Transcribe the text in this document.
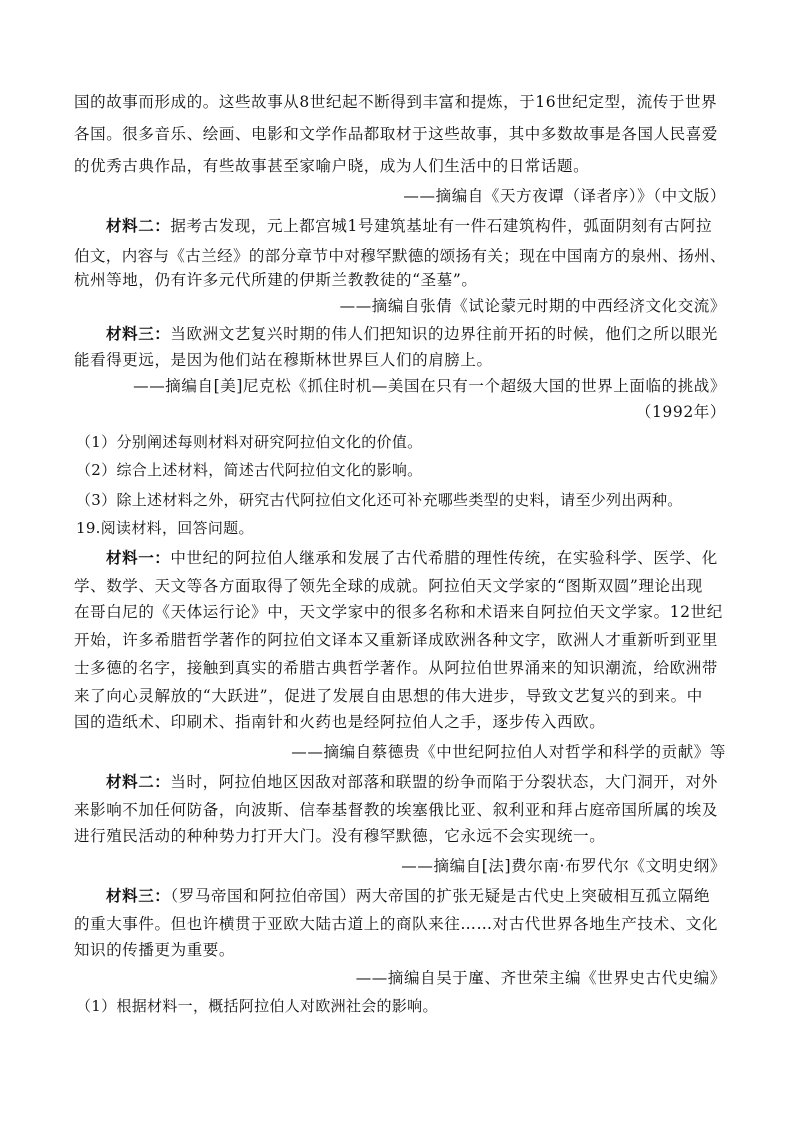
国的故事而形成的。这些故事从8世纪起不断得到丰富和提炼，于16世纪定型，流传于世界
各国。很多音乐、绘画、电影和文学作品都取材于这些故事，其中多数故事是各国人民喜爱
的优秀古典作品，有些故事甚至家喻户晓，成为人们生活中的日常话题。
——摘编自《天方夜谭（译者序）》（中文版）
材料二：据考古发现，元上都宫城1号建筑基址有一件石建筑构件，弧面阴刻有古阿拉
伯文，内容与《古兰经》的部分章节中对穆罕默德的颂扬有关；现在中国南方的泉州、扬州、
杭州等地，仍有许多元代所建的伊斯兰教教徒的“圣墓”。
——摘编自张倩《试论蒙元时期的中西经济文化交流》
材料三：当欧洲文艺复兴时期的伟人们把知识的边界往前开拓的时候，他们之所以眼光
能看得更远，是因为他们站在穆斯林世界巨人们的肩膀上。
——摘编自[美]尼克松《抓住时机—美国在只有一个超级大国的世界上面临的挑战》
（1992年）
（1）分别阐述每则材料对研究阿拉伯文化的价值。
（2）综合上述材料，简述古代阿拉伯文化的影响。
（3）除上述材料之外，研究古代阿拉伯文化还可补充哪些类型的史料，请至少列出两种。
19.阅读材料，回答问题。
材料一：中世纪的阿拉伯人继承和发展了古代希腊的理性传统，在实验科学、医学、化
学、数学、天文等各方面取得了领先全球的成就。阿拉伯天文学家的“图斯双圆”理论出现
在哥白尼的《天体运行论》中，天文学家中的很多名称和术语来自阿拉伯天文学家。12世纪
开始，许多希腊哲学著作的阿拉伯文译本又重新译成欧洲各种文字，欧洲人才重新听到亚里
士多德的名字，接触到真实的希腊古典哲学著作。从阿拉伯世界涌来的知识潮流，给欧洲带
来了向心灵解放的“大跃进”，促进了发展自由思想的伟大进步，导致文艺复兴的到来。中
国的造纸术、印刷术、指南针和火药也是经阿拉伯人之手，逐步传入西欧。
——摘编自蔡德贵《中世纪阿拉伯人对哲学和科学的贡献》等
材料二：当时，阿拉伯地区因敌对部落和联盟的纷争而陷于分裂状态，大门洞开，对外
来影响不加任何防备，向波斯、信奉基督教的埃塞俄比亚、叙利亚和拜占庭帝国所属的埃及
进行殖民活动的种种势力打开大门。没有穆罕默德，它永远不会实现统一。
——摘编自[法]费尔南·布罗代尔《文明史纲》
材料三：（罗马帝国和阿拉伯帝国）两大帝国的扩张无疑是古代史上突破相互孤立隔绝
的重大事件。但也许横贯于亚欧大陆古道上的商队来往……对古代世界各地生产技术、文化
知识的传播更为重要。
——摘编自吴于廑、齐世荣主编《世界史古代史编》
（1）根据材料一，概括阿拉伯人对欧洲社会的影响。
